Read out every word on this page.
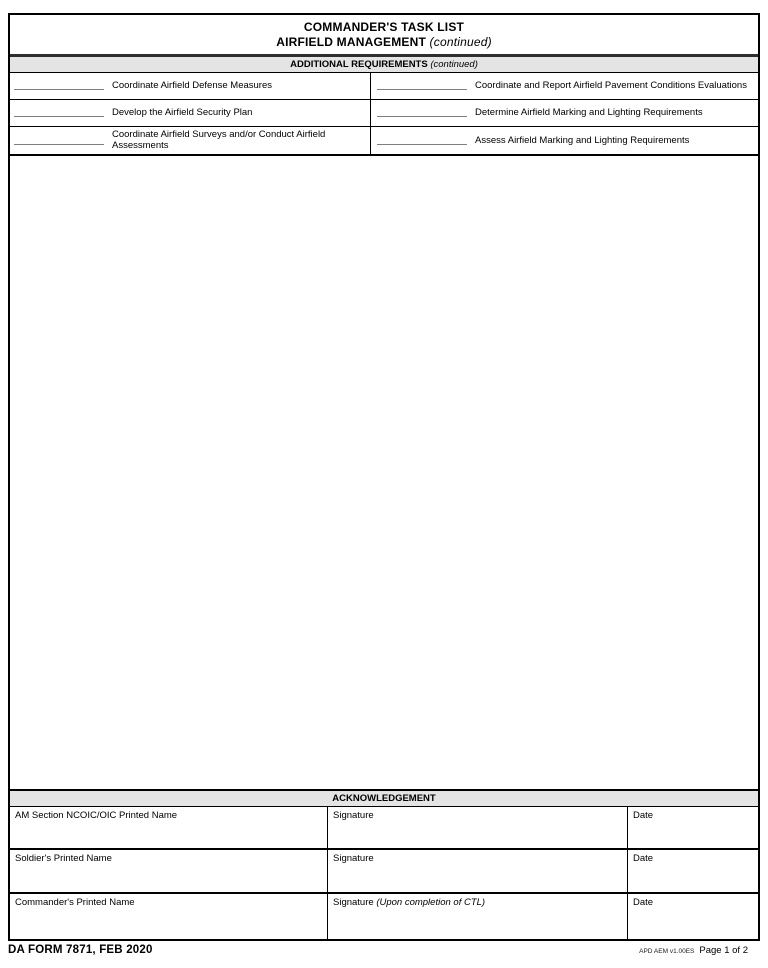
COMMANDER'S TASK LIST
AIRFIELD MANAGEMENT (continued)
ADDITIONAL REQUIREMENTS (continued)
Coordinate Airfield Defense Measures	Coordinate and Report Airfield Pavement Conditions Evaluations
Develop the Airfield Security Plan	Determine Airfield Marking and Lighting Requirements
Coordinate Airfield Surveys and/or Conduct Airfield Assessments	Assess Airfield Marking and Lighting Requirements
ACKNOWLEDGEMENT
AM Section NCOIC/OIC Printed Name	Signature	Date
Soldier's Printed Name	Signature	Date
Commander's Printed Name	Signature (Upon completion of CTL)	Date
DA FORM 7871, FEB 2020	APD AEM v1.00ES Page 1 of 2
